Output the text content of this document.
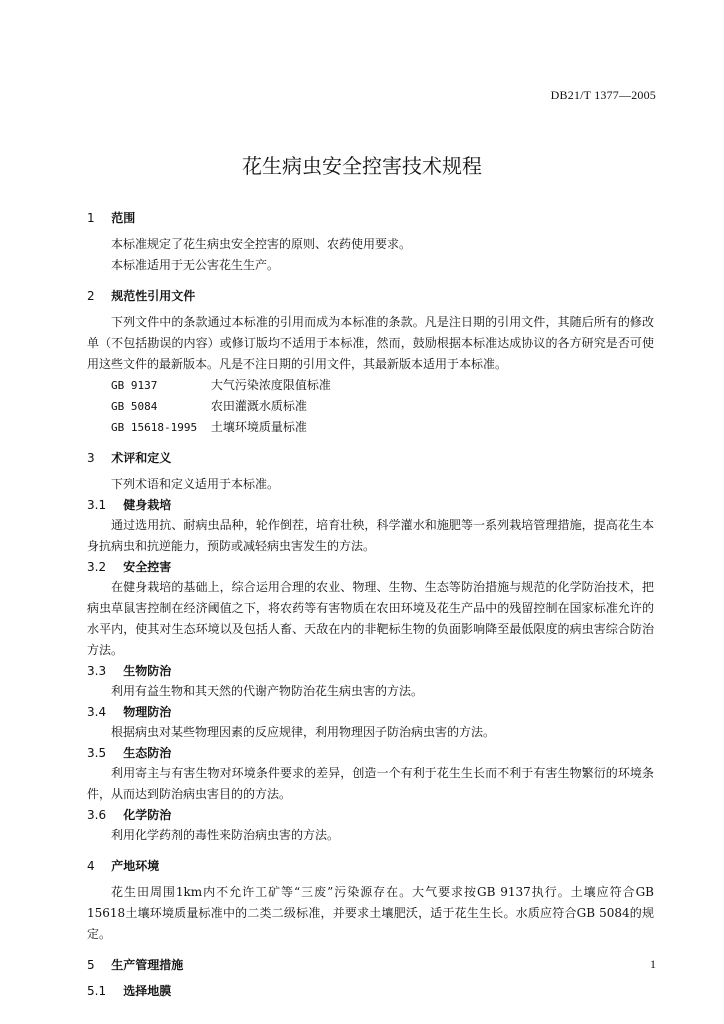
DB21/T 1377—2005
花生病虫安全控害技术规程
1 范围

本标准规定了花生病虫安全控害的原则、农药使用要求。

本标准适用于无公害花生生产。

2 规范性引用文件

下列文件中的条款通过本标准的引用而成为本标准的条款。凡是注日期的引用文件，其随后所有的修改单（不包括勘误的内容）或修订版均不适用于本标准，然而，鼓励根据本标准达成协议的各方研究是否可使用这些文件的最新版本。凡是不注日期的引用文件，其最新版本适用于本标准。

GB 9137	大气污染浓度限值标准
GB 5084	农田灌溉水质标准
GB 15618-1995 土壤环境质量标准
3 术评和定义

下列术语和定义适用于本标准。

3.1 健身栽培

通过选用抗、耐病虫品种，轮作倒茬，培育壮秧，科学灌水和施肥等一系列栽培管理措施，提高花生本身抗病虫和抗逆能力，预防或减轻病虫害发生的方法。

3.2 安全控害

在健身栽培的基础上，综合运用合理的农业、物理、生物、生态等防治措施与规范的化学防治技术，把病虫草鼠害控制在经济阈值之下，将农药等有害物质在农田环境及花生产品中的残留控制在国家标准允许的水平内，使其对生态环境以及包括人畜、天敌在内的非靶标生物的负面影响降至最低限度的病虫害综合防治方法。

3.3 生物防治

利用有益生物和其天然的代谢产物防治花生病虫害的方法。

3.4 物理防治

根据病虫对某些物理因素的反应规律，利用物理因子防治病虫害的方法。

3.5 生态防治

利用寄主与有害生物对环境条件要求的差异，创造一个有利于花生生长而不利于有害生物繁衍的环境条件，从而达到防治病虫害目的的方法。

3.6 化学防治

利用化学药剂的毒性来防治病虫害的方法。

4 产地环境

花生田周围1km内不允许工矿等“三废”污染源存在。大气要求按GB 9137执行。土壤应符合GB 15618土壤环境质量标准中的二类二级标准，并要求土壤肥沃，适于花生生长。水质应符合GB 5084的规定。

5 生产管理措施
5.1 选择地膜
1
